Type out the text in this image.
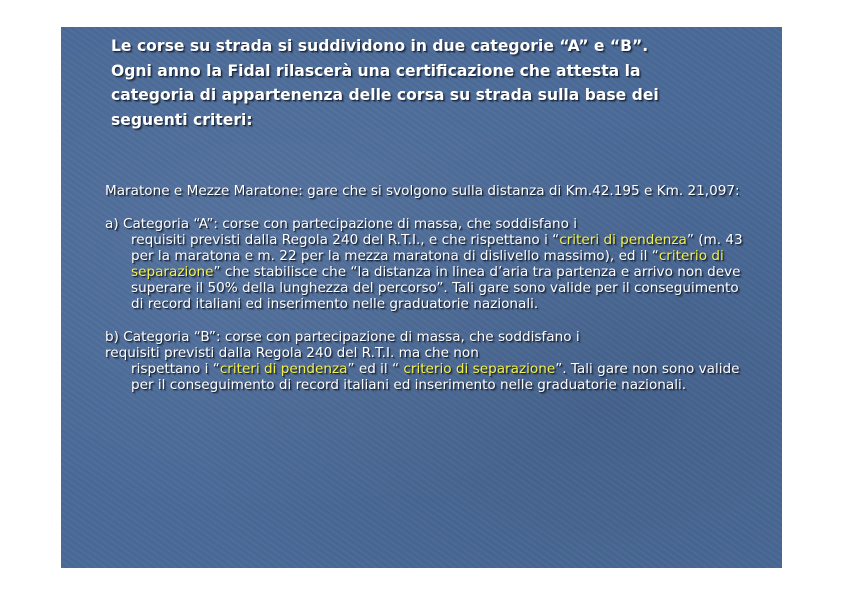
Le corse su strada si suddividono in due categorie “A” e “B”.

Ogni anno la Fidal rilascerà una certificazione che attesta la categoria di appartenenza delle corsa su strada sulla base dei seguenti criteri:

Maratone e Mezze Maratone: gare che si svolgono sulla distanza di Km.42.195 e Km. 21,097:

a) Categoria “A”: corse con partecipazione di massa, che soddisfano i
requisiti previsti dalla Regola 240 del R.T.I., e che rispettano i “criteri di pendenza” (m. 43 per la maratona e m. 22 per la mezza maratona di dislivello massimo), ed il “criterio di separazione” che stabilisce che “la distanza in linea d’aria tra partenza e arrivo non deve superare il 50% della lunghezza del percorso”. Tali gare sono valide per il conseguimento di record italiani ed inserimento nelle graduatorie nazionali.
b) Categoria “B”: corse con partecipazione di massa, che soddisfano i
requisiti previsti dalla Regola 240 del R.T.I. ma che non
rispettano i “criteri di pendenza” ed il “ criterio di separazione”. Tali gare non sono valide per il conseguimento di record italiani ed inserimento nelle graduatorie nazionali.
